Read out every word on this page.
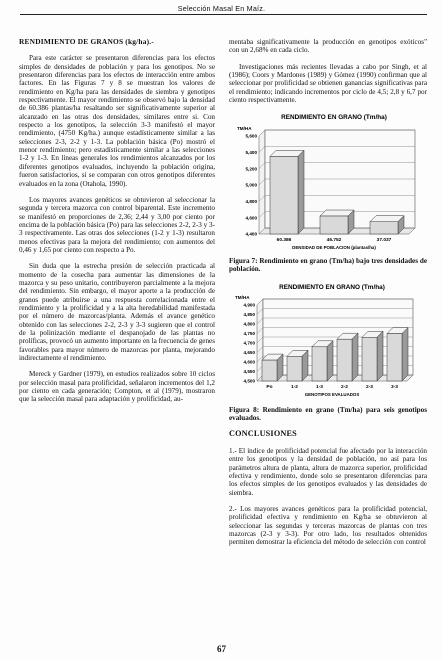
Selección Masal En Maíz.
RENDIMIENTO DE GRANOS (kg/ha).-

Para este carácter se presentaron diferencias para los efectos simples de densidades de población y para los genotipos. No se presentaron diferencias para los efectos de interacción entre ambos factores. En las Figuras 7 y 8 se muestran los valores de rendimiento en Kg/ha para las densidades de siembra y genotipos respectivamente. El mayor rendimiento se observó bajo la densidad de 60.386 plantas/ha resaltando ser significativamente superior al alcanzado en las otras dos densidades, similares entre si. Con respecto a los genotipos, la selección 3-3 manifestó el mayor rendimiento, (4750 Kg/ha.) aunque estadísticamente similar a las selecciones 2-3, 2-2 y 1-3. La población básica (Po) mostró el menor rendimiento; pero estadísticamente similar a las selecciones 1-2 y 1-3. En líneas generales los rendimientos alcanzados por los diferentes genotipos evaluados, incluyendo la población origina, fueron satisfactorios, si se comparan con otros genotipos diferentes evaluados en la zona (Otahola, 1990).

Los mayores avances genéticos se obtuvieron al seleccionar la segunda y tercera mazorca con control biparental. Este incremento se manifestó en proporciones de 2,36; 2,44 y 3,00 por ciento por encima de la población básica (Po) para las selecciones 2-2, 2-3 y 3-3 respectivamente. Las otras dos selecciones (1-2 y 1-3) resultaron menos efectivas para la mejora del rendimiento; con aumentos del 0,46 y 1,65 por ciento con respecto a Po.

Sin duda que la estrecha presión de selección practicada al momento de la cosecha para aumentar las dimensiones de la mazorca y su peso unitario, contribuyeron parcialmente a la mejora del rendimiento. Sin embargo, el mayor aporte a la producción de granos puede atribuirse a una respuesta correlacionada entre el rendimiento y la prolificidad y a la alta heredabilidad manifestada por el número de mazorcas/planta. Además el avance genético obtenido con las selecciones 2-2, 2-3 y 3-3 sugieren que el control de la polinización mediante el despanojado de las plantas no prolíficas, provocó un aumento importante en la frecuencia de genes favorables para mayor número de mazorcas por planta, mejorando indirectamente el rendimiento.

Mereck y Gardner (1979), en estudios realizados sobre 10 ciclos por selección masal para prolificidad, señalaron incrementos del 1,2 por ciento en cada generación; Compton, et al (1979), mostraron que la selección masal para adaptación y prolificidad, au-

mentaba significativamente la producción en genotipos exóticos" con un 2,68% en cada ciclo.

Investigaciones más recientes llevadas a cabo por Singh, et al (1986); Coors y Mardones (1989) y Gómez (1990) confirman que al seleccionar por prolificidad se obtienen ganancias significativas para el rendimiento; indicando incrementos por ciclo de 4,5; 2,8 y 6,7 por ciento respectivamente.

RENDIMIENTO EN GRANO (Tm/ha)
TM/HA
4,400
4,600
4,800
5,000
5,200
5,400
5,600
60.386	46.752	37.037
DENSIDAD DE POBLACION (plantas/ha)

Figura 7: Rendimiento en grano (Tm/ha) bajo tres densidades de población.

RENDIMIENTO EN GRANO (Tm/ha)
TM/HA
4,500
4,550
4,600
4,650
4,700
4,750
4,800
4,850
4,900
Po	1-2	1-3	2-2	2-3	3-3
GENOTIPOS EVALUADOS

Figura 8: Rendimiento en grano (Tm/ha) para seis genotipos evaluados.

CONCLUSIONES

1.- El índice de prolificidad potencial fue afectado por la interacción entre los genotipos y la densidad de población, no así para los parámetros altura de planta, altura de mazorca superior, prolificidad efectiva y rendimiento, donde solo se presentaron diferencias para los efectos simples de los genotipos evaluados y las densidades de siembra.

2.- Los mayores avances genéticos para la prolificidad potencial, prolificidad efectiva y rendimiento en Kg/ha se obtuvieron al seleccionar las segundas y terceras mazorcas de plantas con tres mazorcas (2-3 y 3-3). Por otro lado, los resultados obtenidos permiten demostrar la eficiencia del método de selección con control

67
